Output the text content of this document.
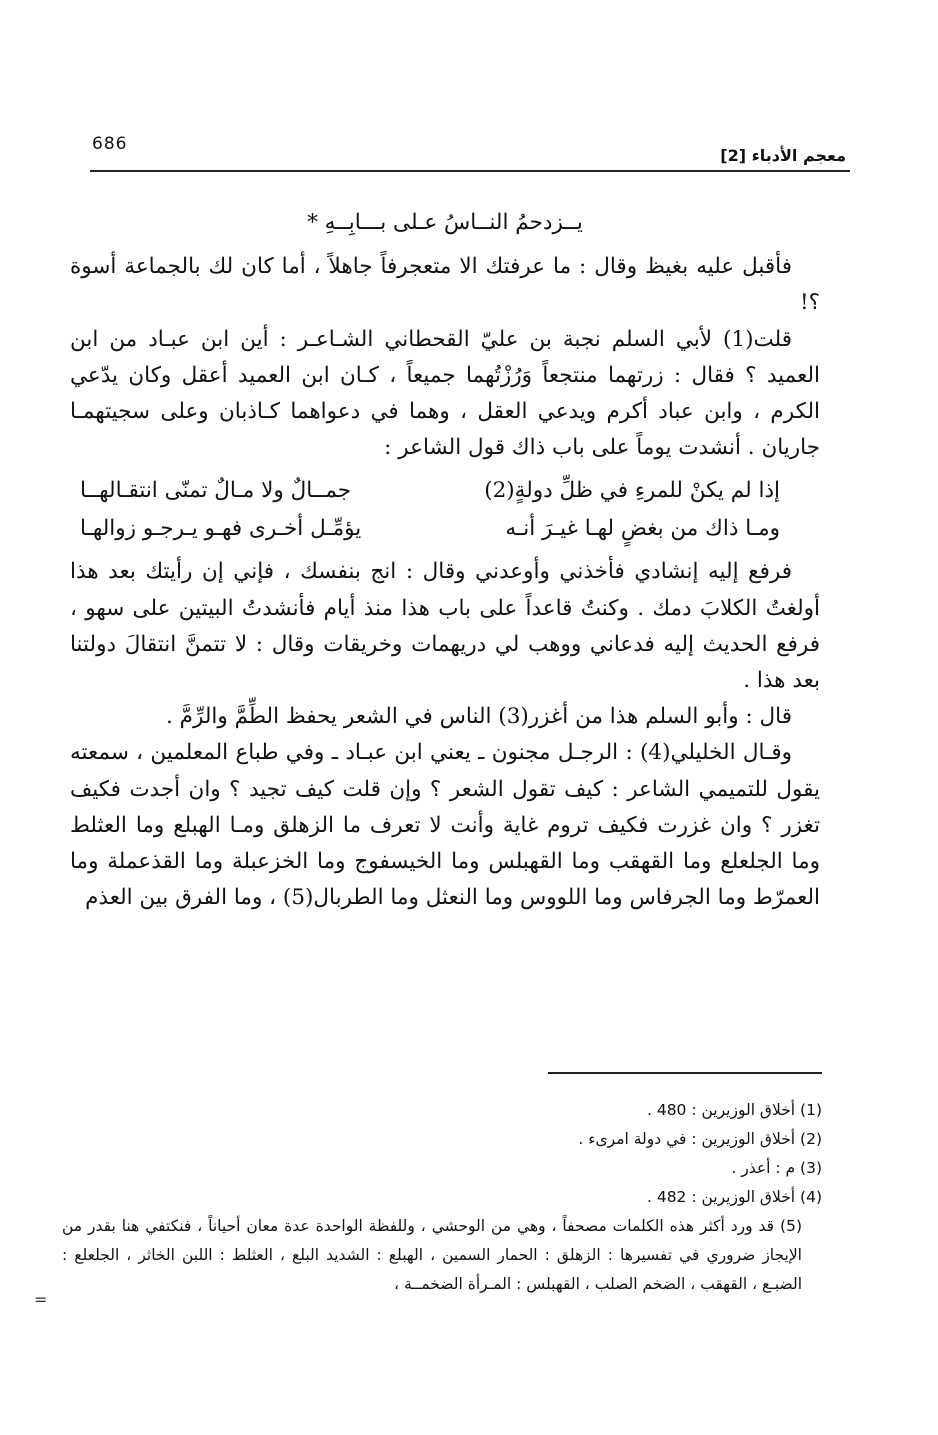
686
معجم الأدباء [2]

يــزدحمُ النــاسُ عـلى بـــابِــهِ *

فأقبل عليه بغيظ وقال : ما عرفتك الا متعجرفاً جاهلاً ، أما كان لك بالجماعة أسوة ؟!

قلت(1) لأبي السلم نجبة بن عليّ القحطاني الشـاعـر : أين ابن عبـاد من ابن العميد ؟ فقال : زرتهما منتجعاً وَرُزْتُهما جميعاً ، كـان ابن العميد أعقل وكان يدّعي الكرم ، وابن عباد أكرم ويدعي العقل ، وهما في دعواهما كـاذبان وعلى سجيتهمـا جاريان . أنشدت يوماً على باب ذاك قول الشاعر :

إذا لم يكنْ للمرءِ في ظلِّ دولةٍ(2)
جمــالٌ ولا مـالٌ تمنّى انتقـالهــا
ومـا ذاك من بغضٍ لهـا غيـرَ أنـه
يؤمِّـل أخـرى فهـو يـرجـو زوالهـا

فرفع إليه إنشادي فأخذني وأوعدني وقال : انج بنفسك ، فإني إن رأيتك بعد هذا أولغتُ الكلابَ دمك . وكنتُ قاعداً على باب هذا منذ أيام فأنشدتُ البيتين على سهو ، فرفع الحديث إليه فدعاني ووهب لي دريهمات وخريقات وقال : لا تتمنَّ انتقالَ دولتنا بعد هذا .

قال : وأبو السلم هذا من أغزر(3) الناس في الشعر يحفظ الطِّمَّ والرِّمَّ .

وقـال الخليلي(4) : الرجـل مجنون ـ يعني ابن عبـاد ـ وفي طباع المعلمين ، سمعته يقول للتميمي الشاعر : كيف تقول الشعر ؟ وإن قلت كيف تجيد ؟ وان أجدت فكيف تغزر ؟ وان غزرت فكيف تروم غاية وأنت لا تعرف ما الزهلق ومـا الهبلع وما العثلط وما الجلعلع وما القهقب وما القهبلس وما الخيسفوج وما الخزعبلة وما القذعملة وما العمرّط وما الجرفاس وما اللووس وما النعثل وما الطربال(5) ، وما الفرق بين العذم

(1) أخلاق الوزيرين : 480 .

(2) أخلاق الوزيرين : في دولة امرىء .

(3) م : أعذر .

(4) أخلاق الوزيرين : 482 .

(5) قد ورد أكثر هذه الكلمات مصحفاً ، وهي من الوحشي ، وللفظة الواحدة عدة معان أحياناً ، فنكتفي هنا بقدر من الإيجاز ضروري في تفسيرها : الزهلق : الحمار السمين ، الهبلع : الشديد البلع ، العثلط : اللبن الخاثر ، الجلعلع : الضبـع ، القهقب ، الضخم الصلب ، القهبلس : المـرأة الضخمــة ،

=
